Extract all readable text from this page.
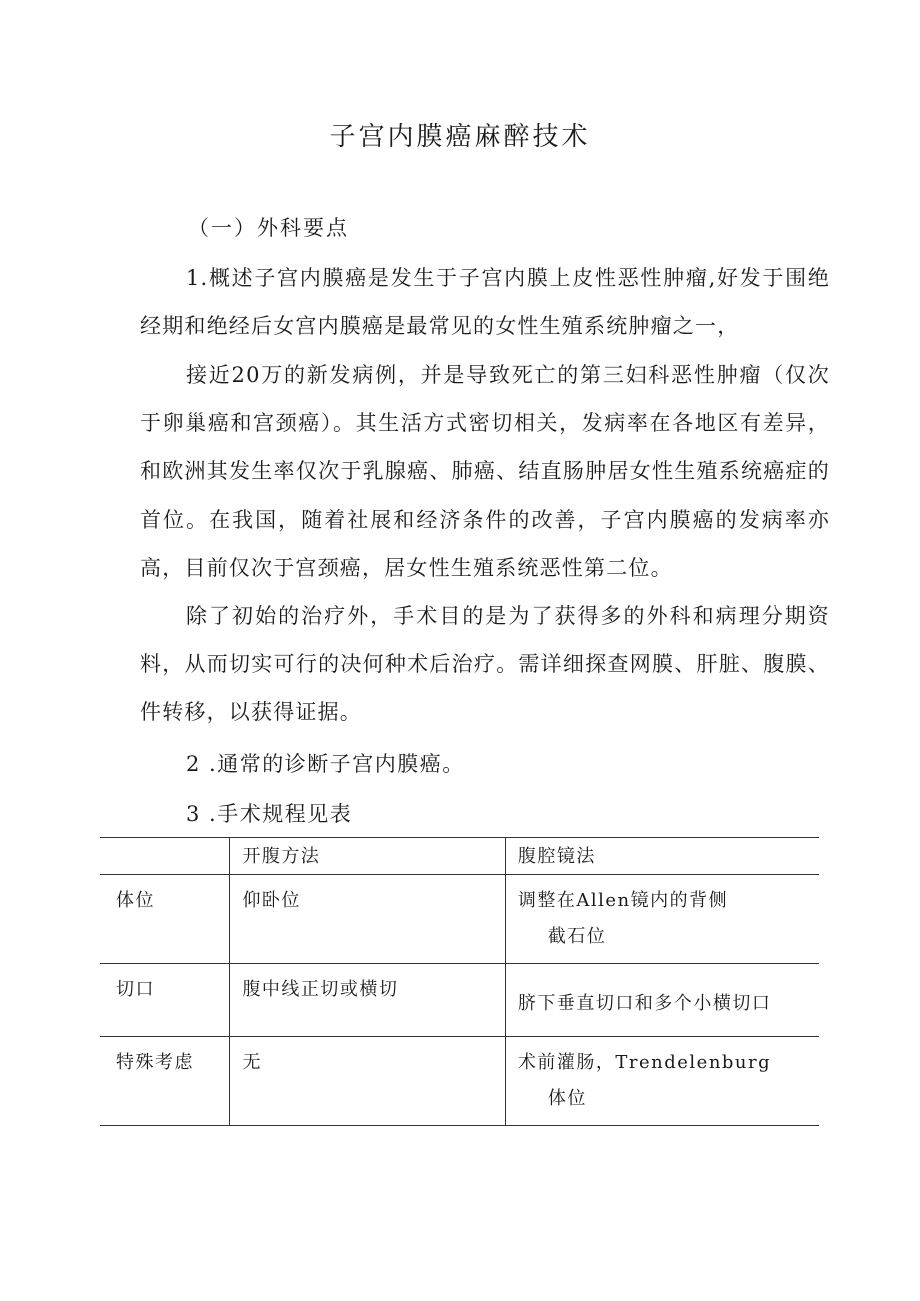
子宫内膜癌麻醉技术
（一）外科要点

1.概述子宫内膜癌是发生于子宫内膜上皮性恶性肿瘤,好发于围绝经期和绝经后女宫内膜癌是最常见的女性生殖系统肿瘤之一，

接近20万的新发病例，并是导致死亡的第三妇科恶性肿瘤（仅次于卵巢癌和宫颈癌）。其生活方式密切相关，发病率在各地区有差异，和欧洲其发生率仅次于乳腺癌、肺癌、结直肠肿居女性生殖系统癌症的首位。在我国，随着社展和经济条件的改善，子宫内膜癌的发病率亦高，目前仅次于宫颈癌，居女性生殖系统恶性第二位。

除了初始的治疗外，手术目的是为了获得多的外科和病理分期资料，从而切实可行的决何种术后治疗。需详细探查网膜、肝脏、腹膜、件转移，以获得证据。

2 .通常的诊断子宫内膜癌。
3 .手术规程见表
	开腹方法	腹腔镜法
体位	仰卧位	调整在Allen镜内的背侧
截石位

切口	腹中线正切或横切	脐下垂直切口和多个小横切口

特殊考虑	无	术前灌肠，Trendelenburg
体位
